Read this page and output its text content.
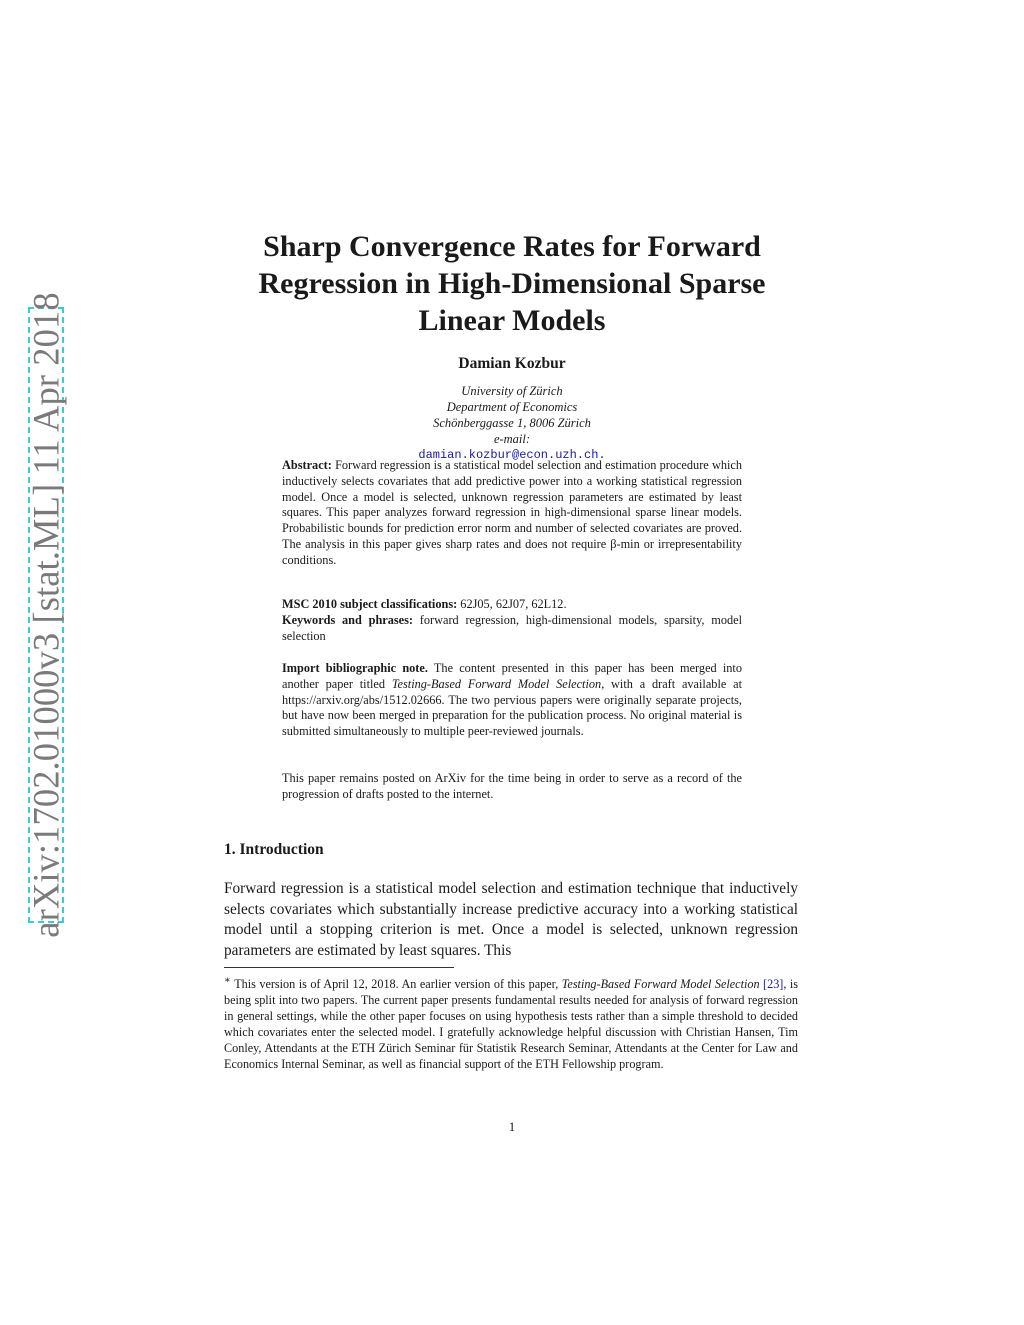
arXiv:1702.01000v3 [stat.ML] 11 Apr 2018
Sharp Convergence Rates for Forward
Regression in High-Dimensional Sparse
Linear Models
Damian Kozbur
University of Zürich
Department of Economics
Schönberggasse 1, 8006 Zürich
e-mail:
damian.kozbur@econ.uzh.ch.
Abstract: Forward regression is a statistical model selection and estimation procedure which inductively selects covariates that add predictive power into a working statistical regression model. Once a model is selected, unknown regression parameters are estimated by least squares. This paper analyzes forward regression in high-dimensional sparse linear models. Probabilistic bounds for prediction error norm and number of selected covariates are proved. The analysis in this paper gives sharp rates and does not require β-min or irrepresentability conditions.
MSC 2010 subject classifications: 62J05, 62J07, 62L12.
Keywords and phrases: forward regression, high-dimensional models, sparsity, model selection
Import bibliographic note. The content presented in this paper has been merged into another paper titled Testing-Based Forward Model Selection, with a draft available at https://arxiv.org/abs/1512.02666. The two pervious papers were originally separate projects, but have now been merged in preparation for the publication process. No original material is submitted simultaneously to multiple peer-reviewed journals.
This paper remains posted on ArXiv for the time being in order to serve as a record of the progression of drafts posted to the internet.
1. Introduction
Forward regression is a statistical model selection and estimation technique that inductively selects covariates which substantially increase predictive accuracy into a working statistical model until a stopping criterion is met. Once a model is selected, unknown regression parameters are estimated by least squares. This
∗ This version is of April 12, 2018. An earlier version of this paper, Testing-Based Forward Model Selection [23], is being split into two papers. The current paper presents fundamental results needed for analysis of forward regression in general settings, while the other paper focuses on using hypothesis tests rather than a simple threshold to decided which covariates enter the selected model. I gratefully acknowledge helpful discussion with Christian Hansen, Tim Conley, Attendants at the ETH Zürich Seminar für Statistik Research Seminar, Attendants at the Center for Law and Economics Internal Seminar, as well as financial support of the ETH Fellowship program.
1
